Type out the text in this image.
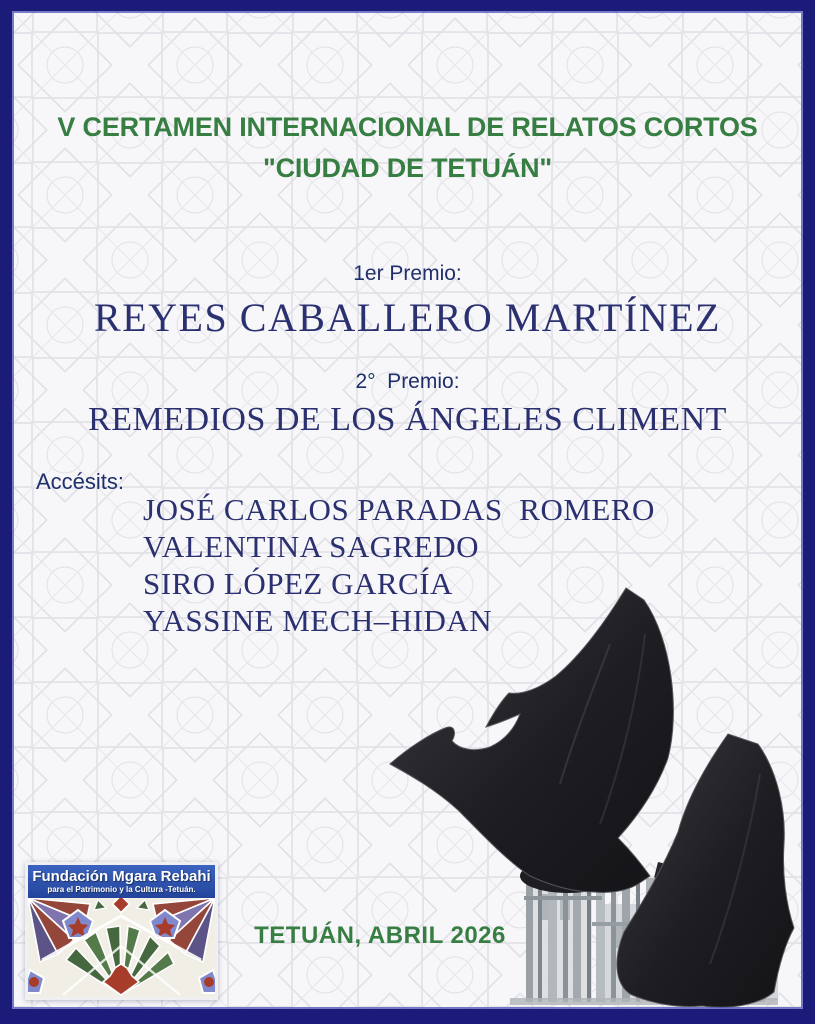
V CERTAMEN INTERNACIONAL DE RELATOS CORTOS
"CIUDAD DE TETUÁN"
1er Premio:
REYES CABALLERO MARTÍNEZ
2°  Premio:
REMEDIOS DE LOS ÁNGELES CLIMENT
Accésits:
JOSÉ CARLOS PARADAS  ROMERO
VALENTINA SAGREDO
SIRO LÓPEZ GARCÍA
YASSINE MECH–HIDAN
Fundación Mgara Rebahi
para el Patrimonio y la Cultura -Tetuán.
TETUÁN, ABRIL 2026
